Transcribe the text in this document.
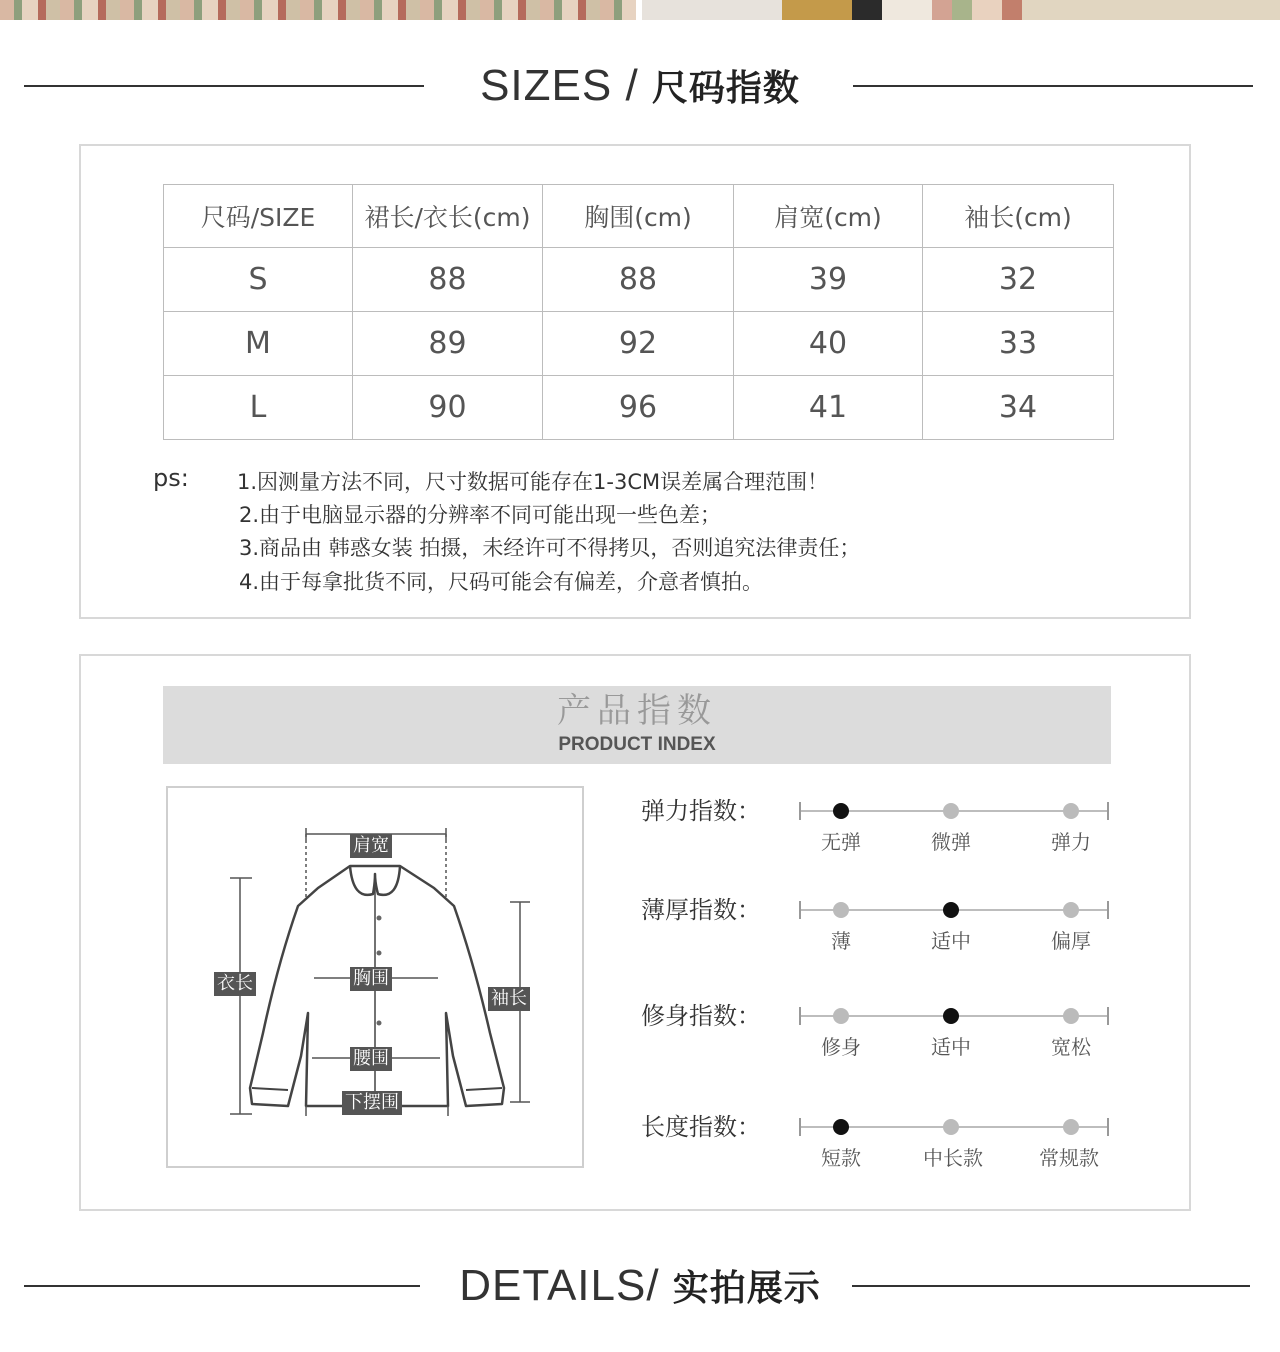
SIZES / 尺码指数
尺码/SIZE	裙长/衣长(cm)	胸围(cm)	肩宽(cm)	袖长(cm)
S	88	88	39	32
M	89	92	40	33
L	90	96	41	34
ps: 1.因测量方法不同，尺寸数据可能存在1-3CM误差属合理范围！
2.由于电脑显示器的分辨率不同可能出现一些色差；
3.商品由 韩惑女装 拍摄，未经许可不得拷贝，否则追究法律责任；
4.由于每拿批货不同，尺码可能会有偏差，介意者慎拍。
产品指数
PRODUCT INDEX
肩宽
衣长	胸围
袖长
腰围
下摆围
弹力指数：
无弹	微弹	弹力
薄厚指数：
薄	适中	偏厚
修身指数：
修身	适中	宽松
长度指数：
短款	中长款	常规款
DETAILS/ 实拍展示
